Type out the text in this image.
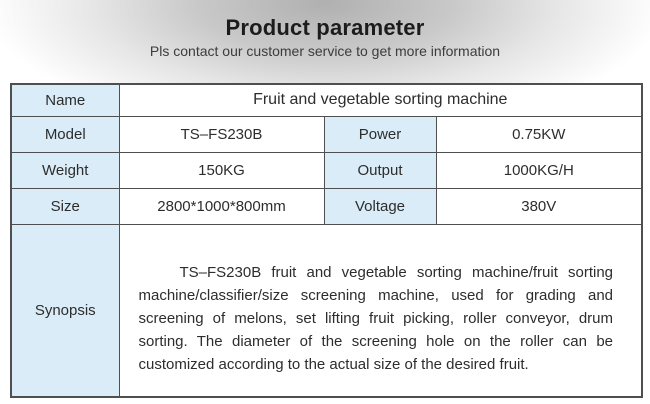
Product parameter

Pls contact our customer service to get more information

Name	Fruit and vegetable sorting machine		
Model	TS–FS230B	Power	0.75KW
Weight	150KG	Output	1000KG/H
Size	2800*1000*800mm	Voltage	380V
Synopsis	TS–FS230B fruit and vegetable sorting machine/fruit sorting machine/classifier/size screening machine, used for grading and screening of melons, set lifting fruit picking, roller conveyor, drum sorting. The diameter of the screening hole on the roller can be customized according to the actual size of the desired fruit.		
